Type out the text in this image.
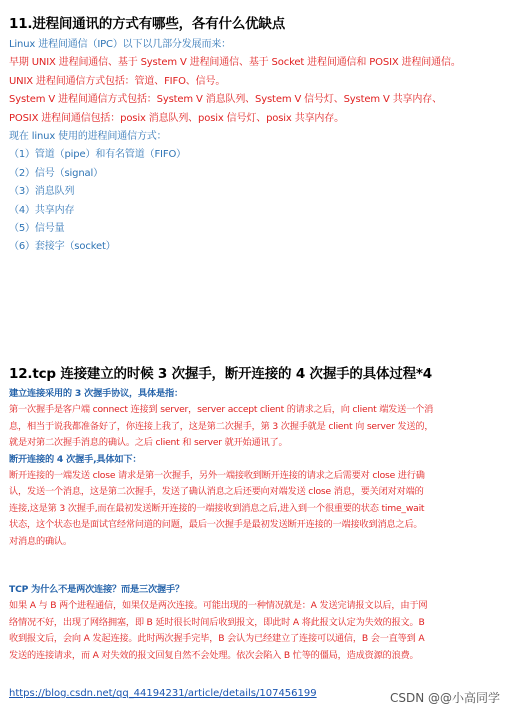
11.进程间通讯的方式有哪些，各有什么优缺点
Linux 进程间通信（IPC）以下以几部分发展而来：
早期 UNIX 进程间通信、基于 System V 进程间通信、基于 Socket 进程间通信和 POSIX 进程间通信。
UNIX 进程间通信方式包括：管道、FIFO、信号。
System V 进程间通信方式包括：System V 消息队列、System V 信号灯、System V 共享内存、
POSIX 进程间通信包括：posix 消息队列、posix 信号灯、posix 共享内存。
现在 linux 使用的进程间通信方式：
（1）管道（pipe）和有名管道（FIFO）
（2）信号（signal）
（3）消息队列
（4）共享内存
（5）信号量
（6）套接字（socket）
12.tcp 连接建立的时候 3 次握手，断开连接的 4 次握手的具体过程*4
建立连接采用的 3 次握手协议，具体是指：
第一次握手是客户端 connect 连接到 server，server accept client 的请求之后，向 client 端发送一个消
息，相当于说我都准备好了，你连接上我了，这是第二次握手，第 3 次握手就是 client 向 server 发送的，
就是对第二次握手消息的确认。之后 client 和 server 就开始通讯了。
断开连接的 4 次握手,具体如下：
断开连接的一端发送 close 请求是第一次握手，另外一端接收到断开连接的请求之后需要对 close 进行确
认，发送一个消息，这是第二次握手，发送了确认消息之后还要向对端发送 close 消息，要关闭对对端的
连接,这是第 3 次握手,而在最初发送断开连接的一端接收到消息之后,进入到一个很重要的状态 time_wait
状态，这个状态也是面试官经常问道的问题，最后一次握手是最初发送断开连接的一端接收到消息之后。
对消息的确认。
TCP 为什么不是两次连接？而是三次握手？
如果 A 与 B 两个进程通信，如果仅是两次连接。可能出现的一种情况就是：A 发送完请报文以后，由于网
络情况不好，出现了网络拥塞，即 B 延时很长时间后收到报文，即此时 A 将此报文认定为失效的报文。B
收到报文后，会向 A 发起连接。此时两次握手完毕，B 会认为已经建立了连接可以通信，B 会一直等到 A
发送的连接请求，而 A 对失效的报文回复自然不会处理。依次会陷入 B 忙等的僵局，造成资源的浪费。
https://blog.csdn.net/qq_44194231/article/details/107456199	CSDN @@小高同学
